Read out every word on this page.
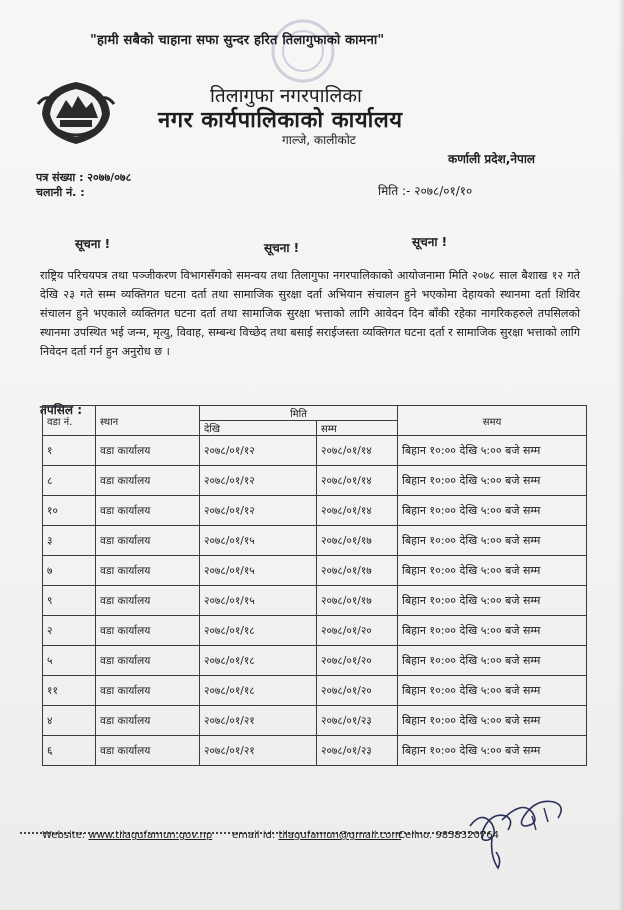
"हामी सबैको चाहाना सफा सुन्दर हरित तिलागुफाको कामना"
तिलागुफा नगरपालिका
नगर कार्यपालिकाको कार्यालय
गाल्जे, कालीकोट
कर्णाली प्रदेश,नेपाल
पत्र संख्या : २०७७/०७८
चलानी नं. :	मिति :- २०७८/०१/१०
सूचना !	सूचना !	सूचना !
राष्ट्रिय परिचयपत्र तथा पञ्जीकरण विभागसँगको समन्वय तथा तिलागुफा नगरपालिकाको आयोजनामा मिति २०७८ साल बैशाख १२ गते देखि २३ गते सम्म व्यक्तिगत घटना दर्ता तथा सामाजिक सुरक्षा दर्ता अभियान संचालन हुने भएकोमा देहायको स्थानमा दर्ता शिविर संचालन हुने भएकाले व्यक्तिगत घटना दर्ता तथा सामाजिक सुरक्षा भत्ताको लागि आवेदन दिन बाँकी रहेका नागरिकहरुले तपसिलको स्थानमा उपस्थित भई जन्म, मृत्यु, विवाह, सम्बन्ध विच्छेद तथा बसाई सराईजस्ता व्यक्तिगत घटना दर्ता र सामाजिक सुरक्षा भत्ताको लागि निवेदन दर्ता गर्न हुन अनुरोध छ ।
तपसिल :
वडा नं.	स्थान	मिति		समय
		देखि	सम्म	
१	वडा कार्यालय	२०७८/०१/१२	२०७८/०१/१४	बिहान १०:०० देखि ५:०० बजे सम्म
८	वडा कार्यालय	२०७८/०१/१२	२०७८/०१/१४	बिहान १०:०० देखि ५:०० बजे सम्म
१०	वडा कार्यालय	२०७८/०१/१२	२०७८/०१/१४	बिहान १०:०० देखि ५:०० बजे सम्म
३	वडा कार्यालय	२०७८/०१/१५	२०७८/०१/१७	बिहान १०:०० देखि ५:०० बजे सम्म
७	वडा कार्यालय	२०७८/०१/१५	२०७८/०१/१७	बिहान १०:०० देखि ५:०० बजे सम्म
९	वडा कार्यालय	२०७८/०१/१५	२०७८/०१/१७	बिहान १०:०० देखि ५:०० बजे सम्म
२	वडा कार्यालय	२०७८/०१/१८	२०७८/०१/२०	बिहान १०:०० देखि ५:०० बजे सम्म
५	वडा कार्यालय	२०७८/०१/१८	२०७८/०१/२०	बिहान १०:०० देखि ५:०० बजे सम्म
११	वडा कार्यालय	२०७८/०१/१८	२०७८/०१/२०	बिहान १०:०० देखि ५:०० बजे सम्म
४	वडा कार्यालय	२०७८/०१/२१	२०७८/०१/२३	बिहान १०:०० देखि ५:०० बजे सम्म
६	वडा कार्यालय	२०७८/०१/२१	२०७८/०१/२३	बिहान १०:०० देखि ५:०० बजे सम्म
Website: www.tilagufamun.gov.np email id: tilagufamun@gmail.com
Cellno. 9858320764
